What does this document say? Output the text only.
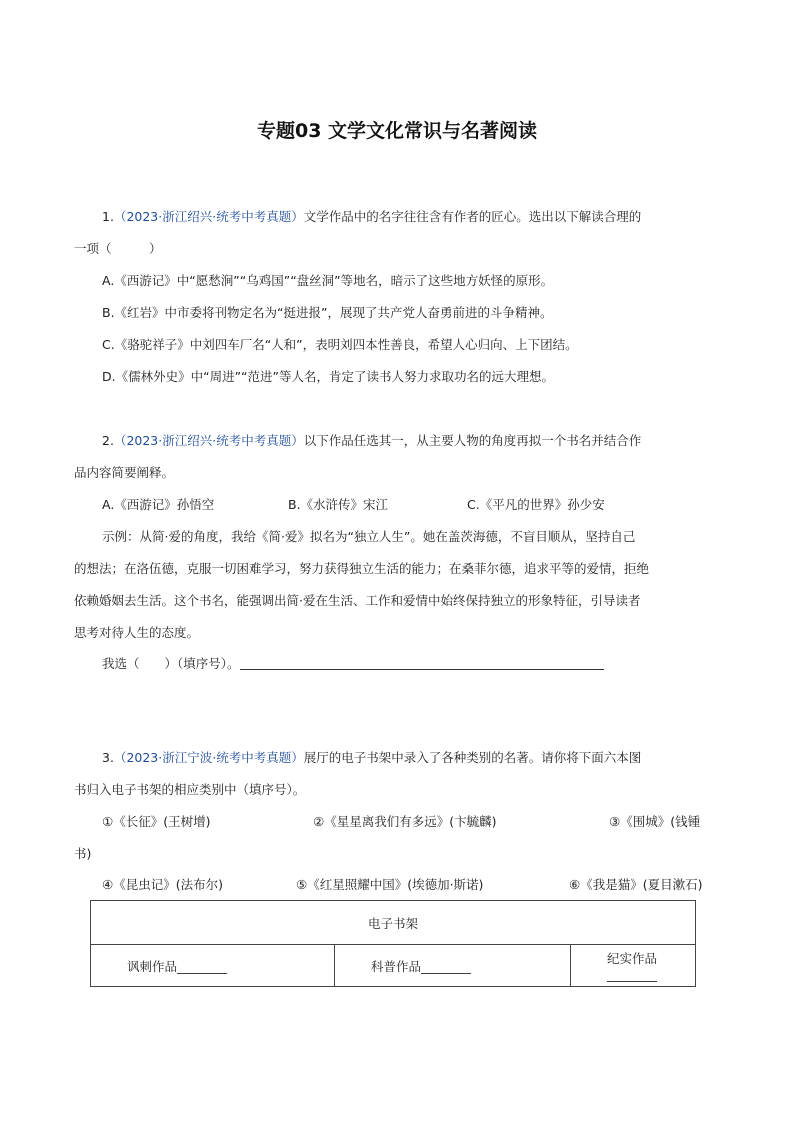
专题03 文学文化常识与名著阅读
1.（2023·浙江绍兴·统考中考真题）文学作品中的名字往往含有作者的匠心。选出以下解读合理的
一项（　　　）
A.《西游记》中“愿愁涧”“乌鸡国”“盘丝洞”等地名，暗示了这些地方妖怪的原形。
B.《红岩》中市委将刊物定名为“挺进报”，展现了共产党人奋勇前进的斗争精神。
C.《骆驼祥子》中刘四车厂名“人和”，表明刘四本性善良，希望人心归向、上下团结。
D.《儒林外史》中“周进”“范进”等人名，肯定了读书人努力求取功名的远大理想。
2.（2023·浙江绍兴·统考中考真题）以下作品任选其一，从主要人物的角度再拟一个书名并结合作
品内容简要阐释。
A.《西游记》孙悟空	B.《水浒传》宋江	C.《平凡的世界》孙少安
示例：从简·爱的角度，我给《简·爱》拟名为“独立人生”。她在盖茨海德，不盲目顺从，坚持自己
的想法；在洛伍德，克服一切困难学习，努力获得独立生活的能力；在桑菲尔德，追求平等的爱情，拒绝
依赖婚姻去生活。这个书名，能强调出简·爱在生活、工作和爱情中始终保持独立的形象特征，引导读者
思考对待人生的态度。
我选（　　）（填序号）。
3.（2023·浙江宁波·统考中考真题）展厅的电子书架中录入了各种类别的名著。请你将下面六本图
书归入电子书架的相应类别中（填序号）。
①《长征》(王树增)	②《星星离我们有多远》(卞毓麟)	③《围城》(钱锺
书)
④《昆虫记》(法布尔)	⑤《红星照耀中国》(埃德加·斯诺)	⑥《我是猫》(夏目漱石)
电子书架
讽刺作品________	科普作品________	纪实作品________
